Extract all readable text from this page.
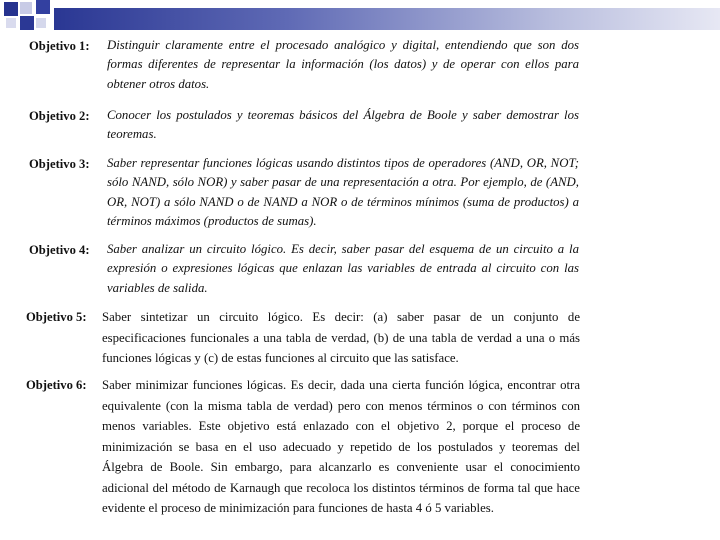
Objetivo 1: Distinguir claramente entre el procesado analógico y digital, entendiendo que son dos formas diferentes de representar la información (los datos) y de operar con ellos para obtener otros datos.
Objetivo 2: Conocer los postulados y teoremas básicos del Álgebra de Boole y saber demostrar los teoremas.
Objetivo 3: Saber representar funciones lógicas usando distintos tipos de operadores (AND, OR, NOT; sólo NAND, sólo NOR) y saber pasar de una representación a otra. Por ejemplo, de (AND, OR, NOT) a sólo NAND o de NAND a NOR o de términos mínimos (suma de productos) a términos máximos (productos de sumas).
Objetivo 4: Saber analizar un circuito lógico. Es decir, saber pasar del esquema de un circuito a la expresión o expresiones lógicas que enlazan las variables de entrada al circuito con las variables de salida.
Objetivo 5: Saber sintetizar un circuito lógico. Es decir: (a) saber pasar de un conjunto de especificaciones funcionales a una tabla de verdad, (b) de una tabla de verdad a una o más funciones lógicas y (c) de estas funciones al circuito que las satisface.
Objetivo 6: Saber minimizar funciones lógicas. Es decir, dada una cierta función lógica, encontrar otra equivalente (con la misma tabla de verdad) pero con menos términos o con términos con menos variables. Este objetivo está enlazado con el objetivo 2, porque el proceso de minimización se basa en el uso adecuado y repetido de los postulados y teoremas del Álgebra de Boole. Sin embargo, para alcanzarlo es conveniente usar el conocimiento adicional del método de Karnaugh que recoloca los distintos términos de forma tal que hace evidente el proceso de minimización para funciones de hasta 4 ó 5 variables.
